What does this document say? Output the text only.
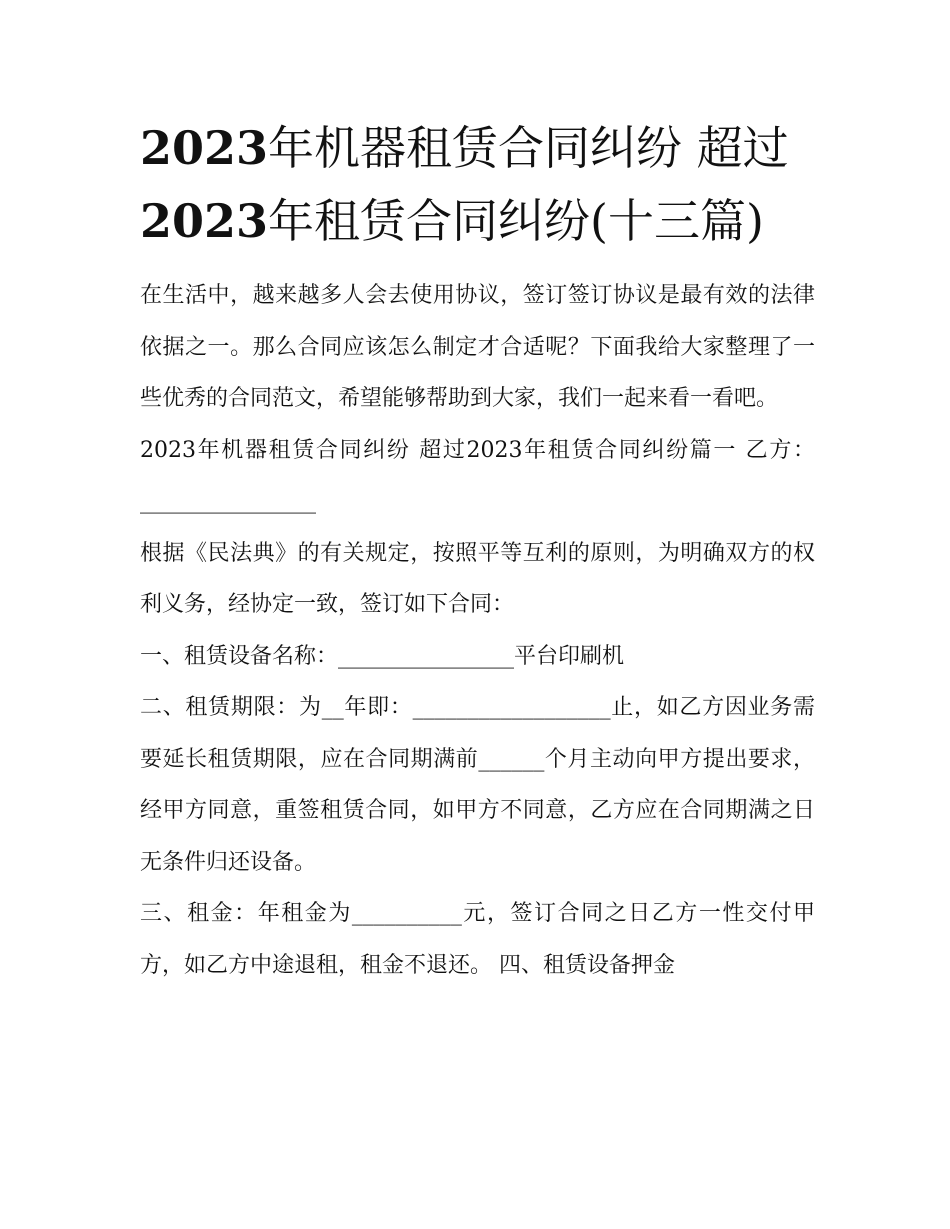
2023年机器租赁合同纠纷 超过2023年租赁合同纠纷(十三篇)

在生活中，越来越多人会去使用协议，签订签订协议是最有效的法律依据之一。那么合同应该怎么制定才合适呢？下面我给大家整理了一些优秀的合同范文，希望能够帮助到大家，我们一起来看一看吧。

2023年机器租赁合同纠纷 超过2023年租赁合同纠纷篇一 乙方：________________

根据《民法典》的有关规定，按照平等互利的原则，为明确双方的权利义务，经协定一致，签订如下合同：

一、租赁设备名称：________________平台印刷机

二、租赁期限：为__年即：__________________止，如乙方因业务需要延长租赁期限，应在合同期满前______个月主动向甲方提出要求，经甲方同意，重签租赁合同，如甲方不同意，乙方应在合同期满之日无条件归还设备。

三、租金：年租金为__________元，签订合同之日乙方一性交付甲方，如乙方中途退租，租金不退还。 四、租赁设备押金
